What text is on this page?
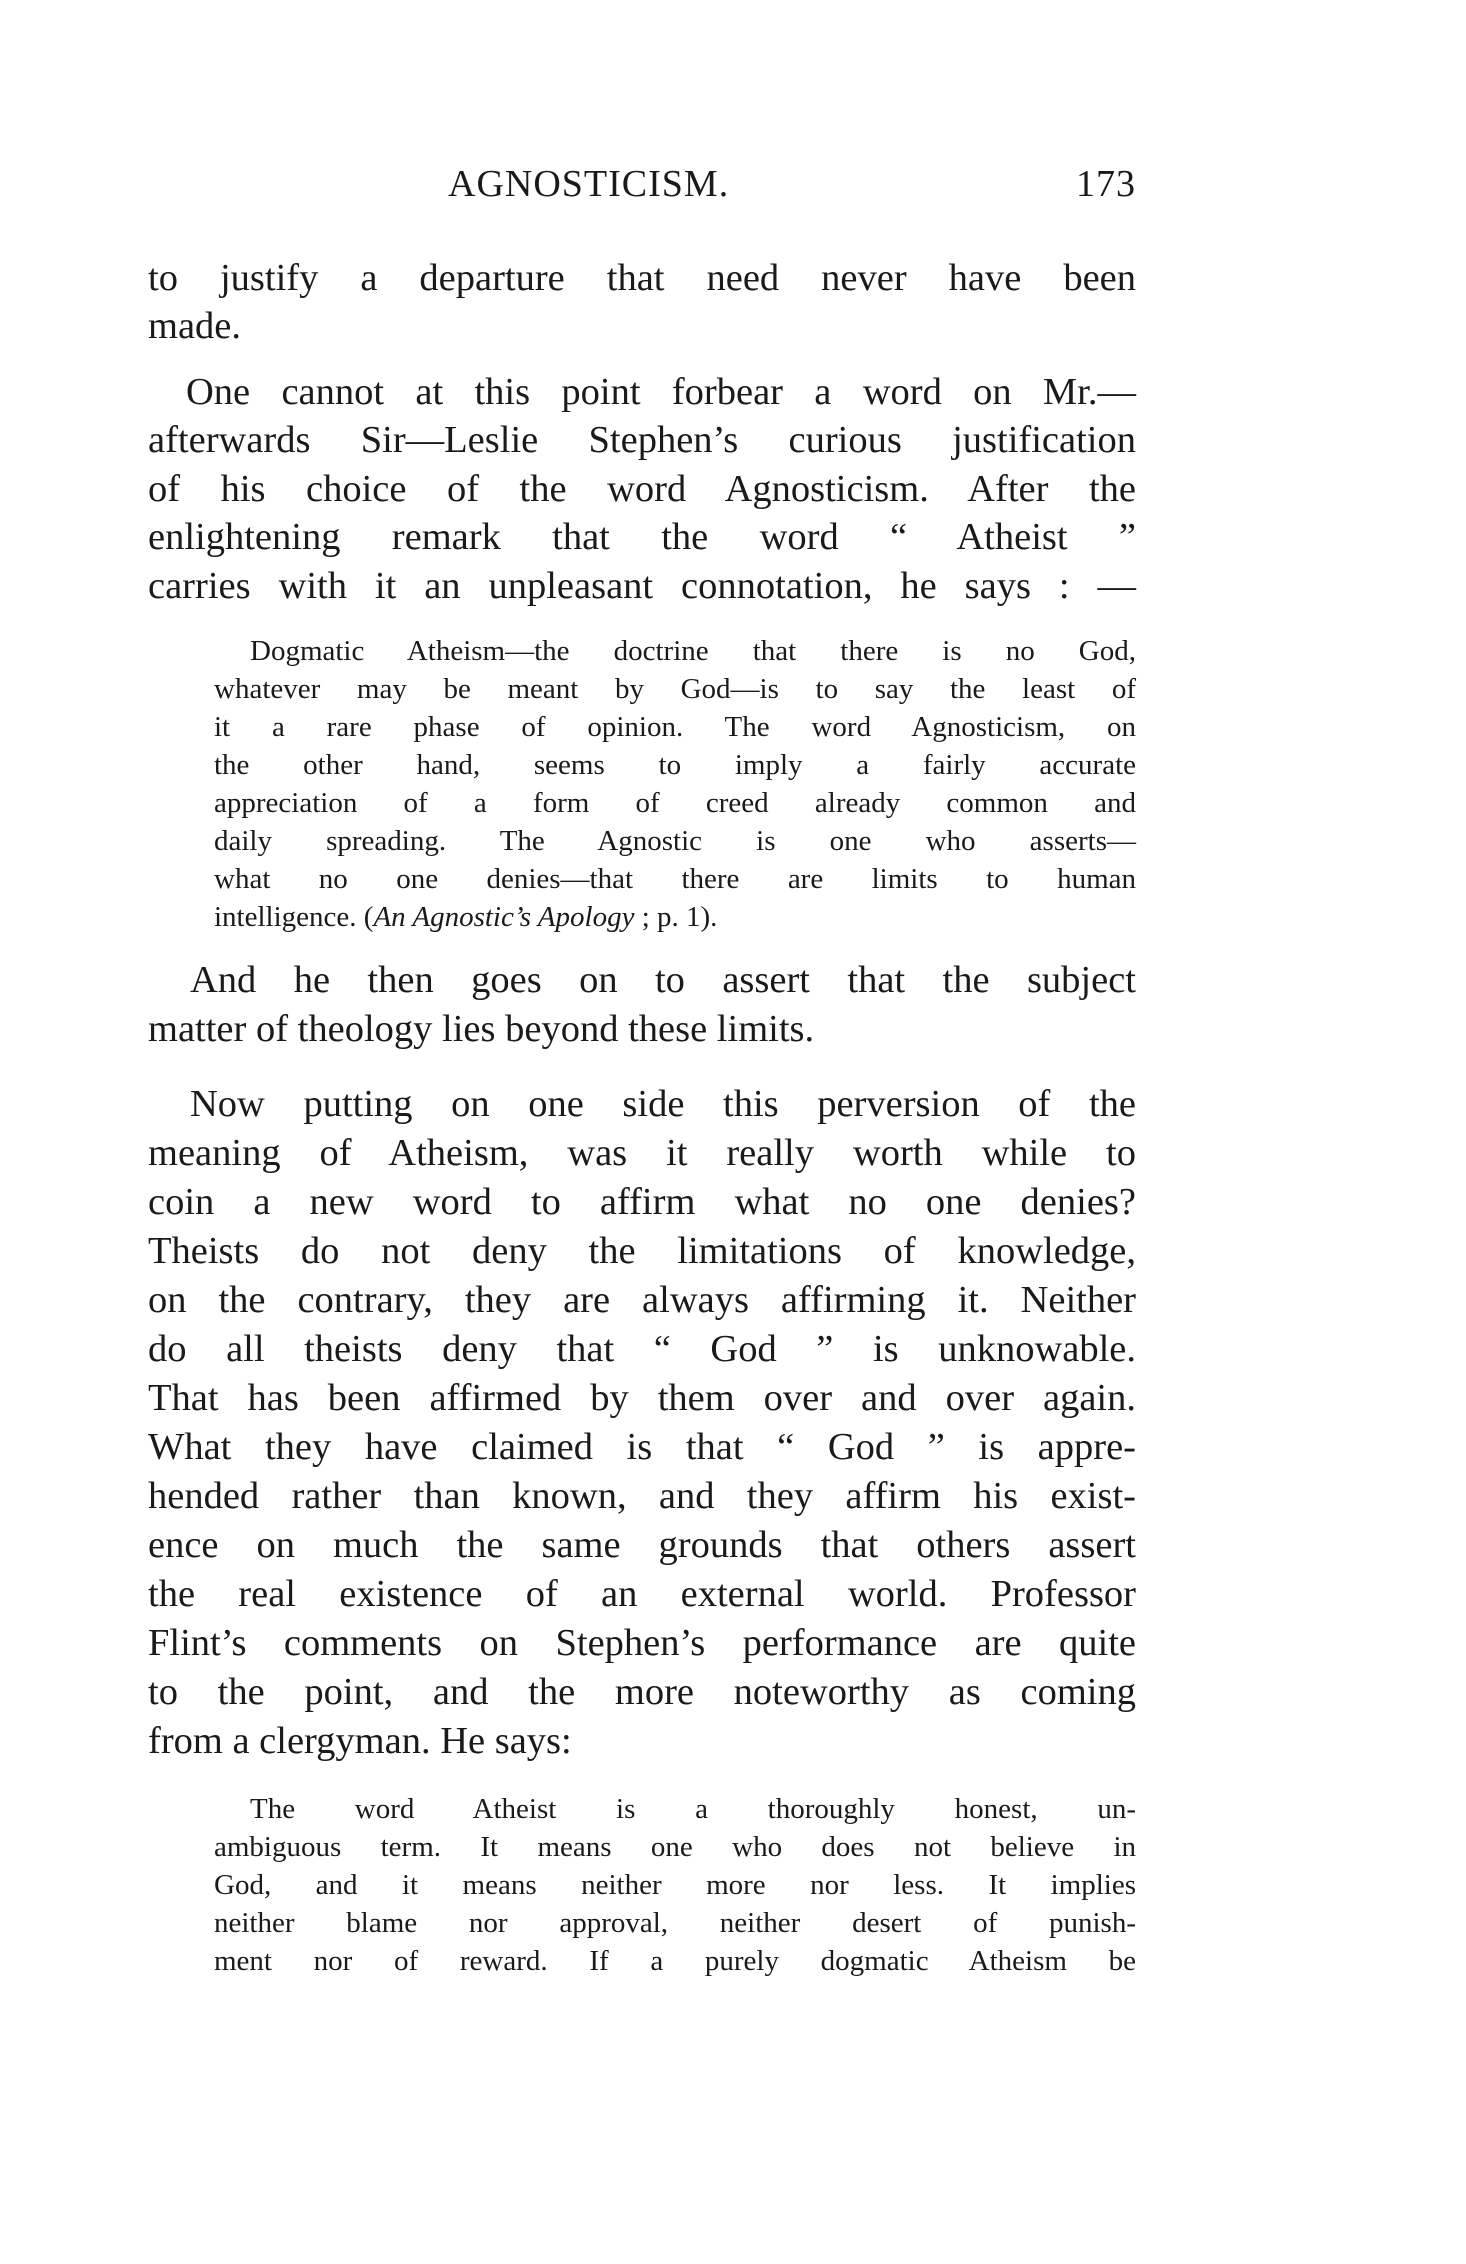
AGNOSTICISM.	173

to justify a departure that need never have been

made.

One cannot at this point forbear a word on Mr.—

afterwards Sir—Leslie Stephen’s curious justification

of his choice of the word Agnosticism. After the

enlightening remark that the word “ Atheist ”

carries with it an unpleasant connotation, he says : —

Dogmatic Atheism—the doctrine that there is no God,

whatever may be meant by God—is to say the least of

it a rare phase of opinion. The word Agnosticism, on

the other hand, seems to imply a fairly accurate

appreciation of a form of creed already common and

daily spreading. The Agnostic is one who asserts—

what no one denies—that there are limits to human

intelligence. (An Agnostic’s Apology ; p. 1).

And he then goes on to assert that the subject

matter of theology lies beyond these limits.

Now putting on one side this perversion of the

meaning of Atheism, was it really worth while to

coin a new word to affirm what no one denies?

Theists do not deny the limitations of knowledge,

on the contrary, they are always affirming it. Neither

do all theists deny that “ God ” is unknowable.

That has been affirmed by them over and over again.

What they have claimed is that “ God ” is appre-

hended rather than known, and they affirm his exist-

ence on much the same grounds that others assert

the real existence of an external world. Professor

Flint’s comments on Stephen’s performance are quite

to the point, and the more noteworthy as coming

from a clergyman. He says:

The word Atheist is a thoroughly honest, un-

ambiguous term. It means one who does not believe in

God, and it means neither more nor less. It implies

neither blame nor approval, neither desert of punish-

ment nor of reward. If a purely dogmatic Atheism be
